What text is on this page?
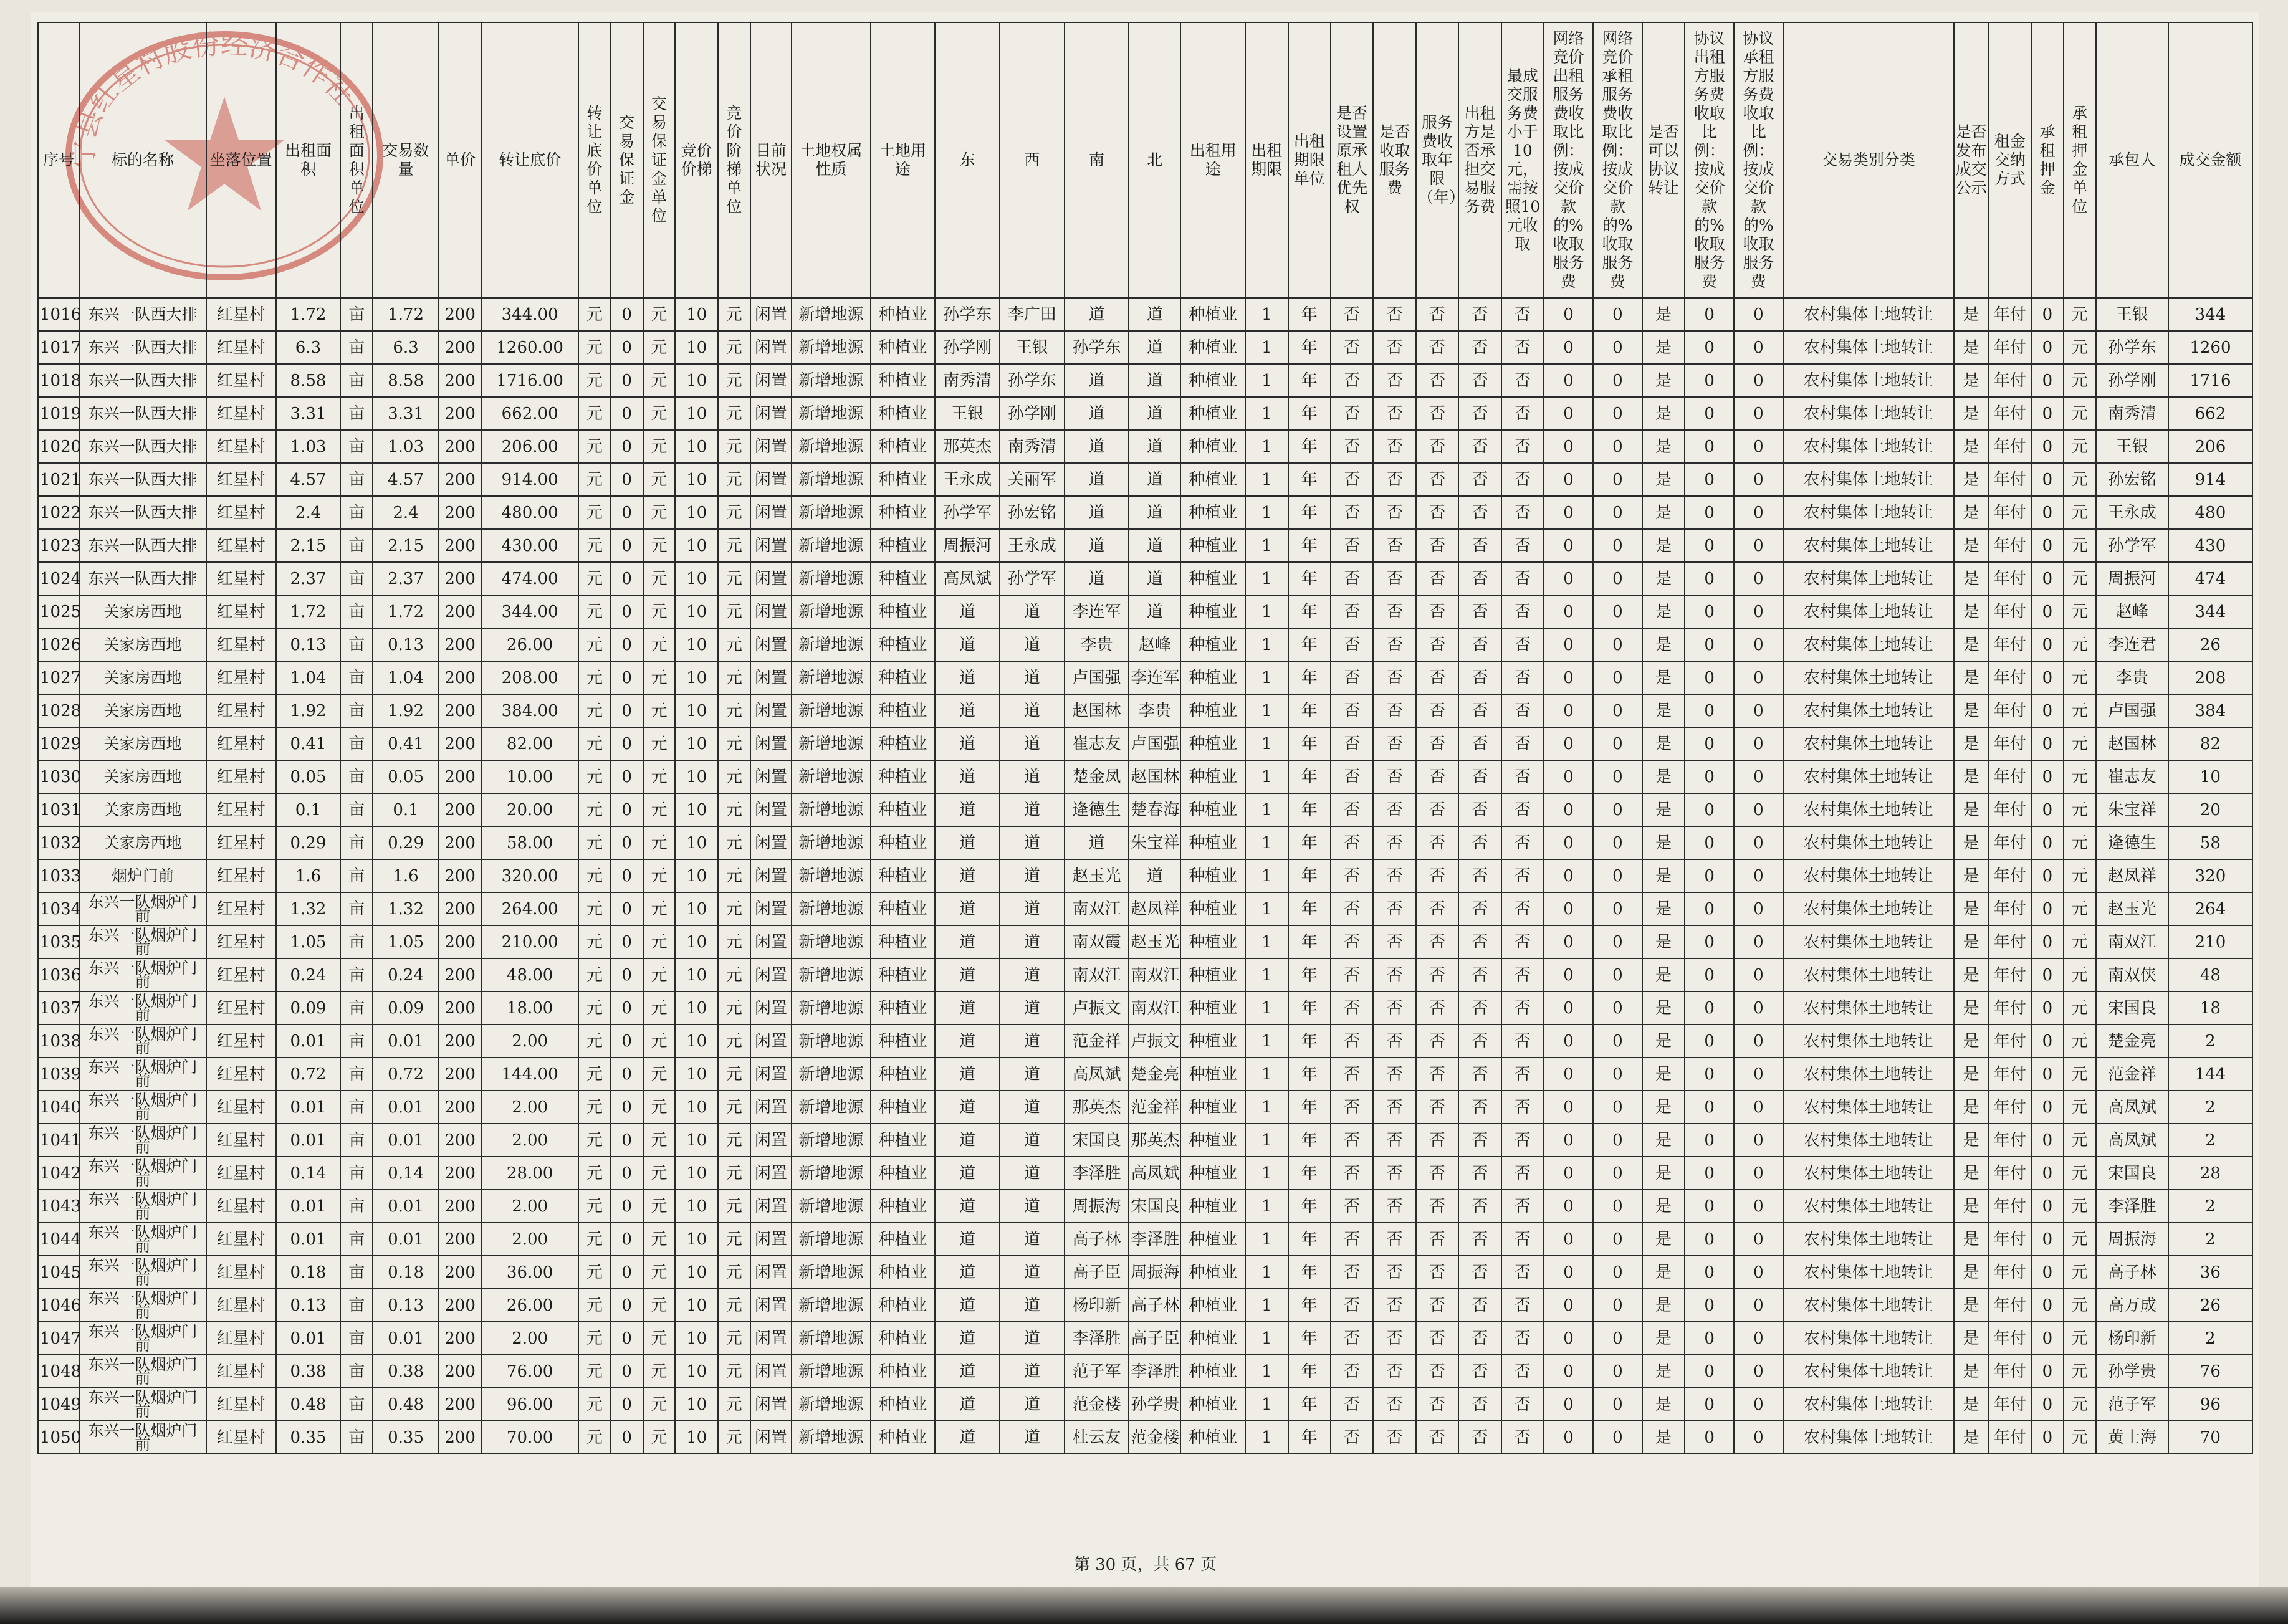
宁县红星村股份经济合作社
序号	标的名称	坐落位置	出租面积	出租面积单位	交易数量	单价	转让底价	转让底价单位	交易保证金	交易保证金单位	竞价价梯	竞价阶梯单位	目前状况	土地权属性质	土地用途	东	西	南	北	出租用途	出租期限	出租期限单位	是否设置原承租人优先权	是否收取服务费	服务费收取年限（年）	出租方是否承担交易服务费	最成交服务费小于10元，需按照10元收取	网络竞价出租服务费收取比例：按成交价款的%收取服务费	网络竞价承租服务费收取比例：按成交价款的%收取服务费	是否可以协议转让	协议出租方服务费收取比例：按成交价款的%收取服务费	协议承租方服务费收取比例：按成交价款的%收取服务费	交易类别分类	是否发布成交公示	租金交纳方式	承租押金	承租押金单位	承包人	成交金额
1016	东兴一队西大排	红星村	1.72	亩	1.72	200	344.00	元	0	元	10	元	闲置	新增地源	种植业	孙学东	李广田	道	道	种植业	1	年	否	否	否	否	否	0	0	是	0	0	农村集体土地转让	是	年付	0	元	王银	344
1017	东兴一队西大排	红星村	6.3	亩	6.3	200	1260.00	元	0	元	10	元	闲置	新增地源	种植业	孙学刚	王银	孙学东	道	种植业	1	年	否	否	否	否	否	0	0	是	0	0	农村集体土地转让	是	年付	0	元	孙学东	1260
1018	东兴一队西大排	红星村	8.58	亩	8.58	200	1716.00	元	0	元	10	元	闲置	新增地源	种植业	南秀清	孙学东	道	道	种植业	1	年	否	否	否	否	否	0	0	是	0	0	农村集体土地转让	是	年付	0	元	孙学刚	1716
1019	东兴一队西大排	红星村	3.31	亩	3.31	200	662.00	元	0	元	10	元	闲置	新增地源	种植业	王银	孙学刚	道	道	种植业	1	年	否	否	否	否	否	0	0	是	0	0	农村集体土地转让	是	年付	0	元	南秀清	662
1020	东兴一队西大排	红星村	1.03	亩	1.03	200	206.00	元	0	元	10	元	闲置	新增地源	种植业	那英杰	南秀清	道	道	种植业	1	年	否	否	否	否	否	0	0	是	0	0	农村集体土地转让	是	年付	0	元	王银	206
1021	东兴一队西大排	红星村	4.57	亩	4.57	200	914.00	元	0	元	10	元	闲置	新增地源	种植业	王永成	关丽军	道	道	种植业	1	年	否	否	否	否	否	0	0	是	0	0	农村集体土地转让	是	年付	0	元	孙宏铭	914
1022	东兴一队西大排	红星村	2.4	亩	2.4	200	480.00	元	0	元	10	元	闲置	新增地源	种植业	孙学军	孙宏铭	道	道	种植业	1	年	否	否	否	否	否	0	0	是	0	0	农村集体土地转让	是	年付	0	元	王永成	480
1023	东兴一队西大排	红星村	2.15	亩	2.15	200	430.00	元	0	元	10	元	闲置	新增地源	种植业	周振河	王永成	道	道	种植业	1	年	否	否	否	否	否	0	0	是	0	0	农村集体土地转让	是	年付	0	元	孙学军	430
1024	东兴一队西大排	红星村	2.37	亩	2.37	200	474.00	元	0	元	10	元	闲置	新增地源	种植业	高凤斌	孙学军	道	道	种植业	1	年	否	否	否	否	否	0	0	是	0	0	农村集体土地转让	是	年付	0	元	周振河	474
1025	关家房西地	红星村	1.72	亩	1.72	200	344.00	元	0	元	10	元	闲置	新增地源	种植业	道	道	李连军	道	种植业	1	年	否	否	否	否	否	0	0	是	0	0	农村集体土地转让	是	年付	0	元	赵峰	344
1026	关家房西地	红星村	0.13	亩	0.13	200	26.00	元	0	元	10	元	闲置	新增地源	种植业	道	道	李贵	赵峰	种植业	1	年	否	否	否	否	否	0	0	是	0	0	农村集体土地转让	是	年付	0	元	李连君	26
1027	关家房西地	红星村	1.04	亩	1.04	200	208.00	元	0	元	10	元	闲置	新增地源	种植业	道	道	卢国强	李连军	种植业	1	年	否	否	否	否	否	0	0	是	0	0	农村集体土地转让	是	年付	0	元	李贵	208
1028	关家房西地	红星村	1.92	亩	1.92	200	384.00	元	0	元	10	元	闲置	新增地源	种植业	道	道	赵国林	李贵	种植业	1	年	否	否	否	否	否	0	0	是	0	0	农村集体土地转让	是	年付	0	元	卢国强	384
1029	关家房西地	红星村	0.41	亩	0.41	200	82.00	元	0	元	10	元	闲置	新增地源	种植业	道	道	崔志友	卢国强	种植业	1	年	否	否	否	否	否	0	0	是	0	0	农村集体土地转让	是	年付	0	元	赵国林	82
1030	关家房西地	红星村	0.05	亩	0.05	200	10.00	元	0	元	10	元	闲置	新增地源	种植业	道	道	楚金凤	赵国林	种植业	1	年	否	否	否	否	否	0	0	是	0	0	农村集体土地转让	是	年付	0	元	崔志友	10
1031	关家房西地	红星村	0.1	亩	0.1	200	20.00	元	0	元	10	元	闲置	新增地源	种植业	道	道	逄德生	楚春海	种植业	1	年	否	否	否	否	否	0	0	是	0	0	农村集体土地转让	是	年付	0	元	朱宝祥	20
1032	关家房西地	红星村	0.29	亩	0.29	200	58.00	元	0	元	10	元	闲置	新增地源	种植业	道	道	道	朱宝祥	种植业	1	年	否	否	否	否	否	0	0	是	0	0	农村集体土地转让	是	年付	0	元	逄德生	58
1033	烟炉门前	红星村	1.6	亩	1.6	200	320.00	元	0	元	10	元	闲置	新增地源	种植业	道	道	赵玉光	道	种植业	1	年	否	否	否	否	否	0	0	是	0	0	农村集体土地转让	是	年付	0	元	赵凤祥	320
1034	东兴一队烟炉门前	红星村	1.32	亩	1.32	200	264.00	元	0	元	10	元	闲置	新增地源	种植业	道	道	南双江	赵凤祥	种植业	1	年	否	否	否	否	否	0	0	是	0	0	农村集体土地转让	是	年付	0	元	赵玉光	264
1035	东兴一队烟炉门前	红星村	1.05	亩	1.05	200	210.00	元	0	元	10	元	闲置	新增地源	种植业	道	道	南双霞	赵玉光	种植业	1	年	否	否	否	否	否	0	0	是	0	0	农村集体土地转让	是	年付	0	元	南双江	210
1036	东兴一队烟炉门前	红星村	0.24	亩	0.24	200	48.00	元	0	元	10	元	闲置	新增地源	种植业	道	道	南双江	南双江	种植业	1	年	否	否	否	否	否	0	0	是	0	0	农村集体土地转让	是	年付	0	元	南双侠	48
1037	东兴一队烟炉门前	红星村	0.09	亩	0.09	200	18.00	元	0	元	10	元	闲置	新增地源	种植业	道	道	卢振文	南双江	种植业	1	年	否	否	否	否	否	0	0	是	0	0	农村集体土地转让	是	年付	0	元	宋国良	18
1038	东兴一队烟炉门前	红星村	0.01	亩	0.01	200	2.00	元	0	元	10	元	闲置	新增地源	种植业	道	道	范金祥	卢振文	种植业	1	年	否	否	否	否	否	0	0	是	0	0	农村集体土地转让	是	年付	0	元	楚金亮	2
1039	东兴一队烟炉门前	红星村	0.72	亩	0.72	200	144.00	元	0	元	10	元	闲置	新增地源	种植业	道	道	高凤斌	楚金亮	种植业	1	年	否	否	否	否	否	0	0	是	0	0	农村集体土地转让	是	年付	0	元	范金祥	144
1040	东兴一队烟炉门前	红星村	0.01	亩	0.01	200	2.00	元	0	元	10	元	闲置	新增地源	种植业	道	道	那英杰	范金祥	种植业	1	年	否	否	否	否	否	0	0	是	0	0	农村集体土地转让	是	年付	0	元	高凤斌	2
1041	东兴一队烟炉门前	红星村	0.01	亩	0.01	200	2.00	元	0	元	10	元	闲置	新增地源	种植业	道	道	宋国良	那英杰	种植业	1	年	否	否	否	否	否	0	0	是	0	0	农村集体土地转让	是	年付	0	元	高凤斌	2
1042	东兴一队烟炉门前	红星村	0.14	亩	0.14	200	28.00	元	0	元	10	元	闲置	新增地源	种植业	道	道	李泽胜	高凤斌	种植业	1	年	否	否	否	否	否	0	0	是	0	0	农村集体土地转让	是	年付	0	元	宋国良	28
1043	东兴一队烟炉门前	红星村	0.01	亩	0.01	200	2.00	元	0	元	10	元	闲置	新增地源	种植业	道	道	周振海	宋国良	种植业	1	年	否	否	否	否	否	0	0	是	0	0	农村集体土地转让	是	年付	0	元	李泽胜	2
1044	东兴一队烟炉门前	红星村	0.01	亩	0.01	200	2.00	元	0	元	10	元	闲置	新增地源	种植业	道	道	高子林	李泽胜	种植业	1	年	否	否	否	否	否	0	0	是	0	0	农村集体土地转让	是	年付	0	元	周振海	2
1045	东兴一队烟炉门前	红星村	0.18	亩	0.18	200	36.00	元	0	元	10	元	闲置	新增地源	种植业	道	道	高子臣	周振海	种植业	1	年	否	否	否	否	否	0	0	是	0	0	农村集体土地转让	是	年付	0	元	高子林	36
1046	东兴一队烟炉门前	红星村	0.13	亩	0.13	200	26.00	元	0	元	10	元	闲置	新增地源	种植业	道	道	杨印新	高子林	种植业	1	年	否	否	否	否	否	0	0	是	0	0	农村集体土地转让	是	年付	0	元	高万成	26
1047	东兴一队烟炉门前	红星村	0.01	亩	0.01	200	2.00	元	0	元	10	元	闲置	新增地源	种植业	道	道	李泽胜	高子臣	种植业	1	年	否	否	否	否	否	0	0	是	0	0	农村集体土地转让	是	年付	0	元	杨印新	2
1048	东兴一队烟炉门前	红星村	0.38	亩	0.38	200	76.00	元	0	元	10	元	闲置	新增地源	种植业	道	道	范子军	李泽胜	种植业	1	年	否	否	否	否	否	0	0	是	0	0	农村集体土地转让	是	年付	0	元	孙学贵	76
1049	东兴一队烟炉门前	红星村	0.48	亩	0.48	200	96.00	元	0	元	10	元	闲置	新增地源	种植业	道	道	范金楼	孙学贵	种植业	1	年	否	否	否	否	否	0	0	是	0	0	农村集体土地转让	是	年付	0	元	范子军	96
1050	东兴一队烟炉门前	红星村	0.35	亩	0.35	200	70.00	元	0	元	10	元	闲置	新增地源	种植业	道	道	杜云友	范金楼	种植业	1	年	否	否	否	否	否	0	0	是	0	0	农村集体土地转让	是	年付	0	元	黄士海	70
第 30 页，共 67 页
